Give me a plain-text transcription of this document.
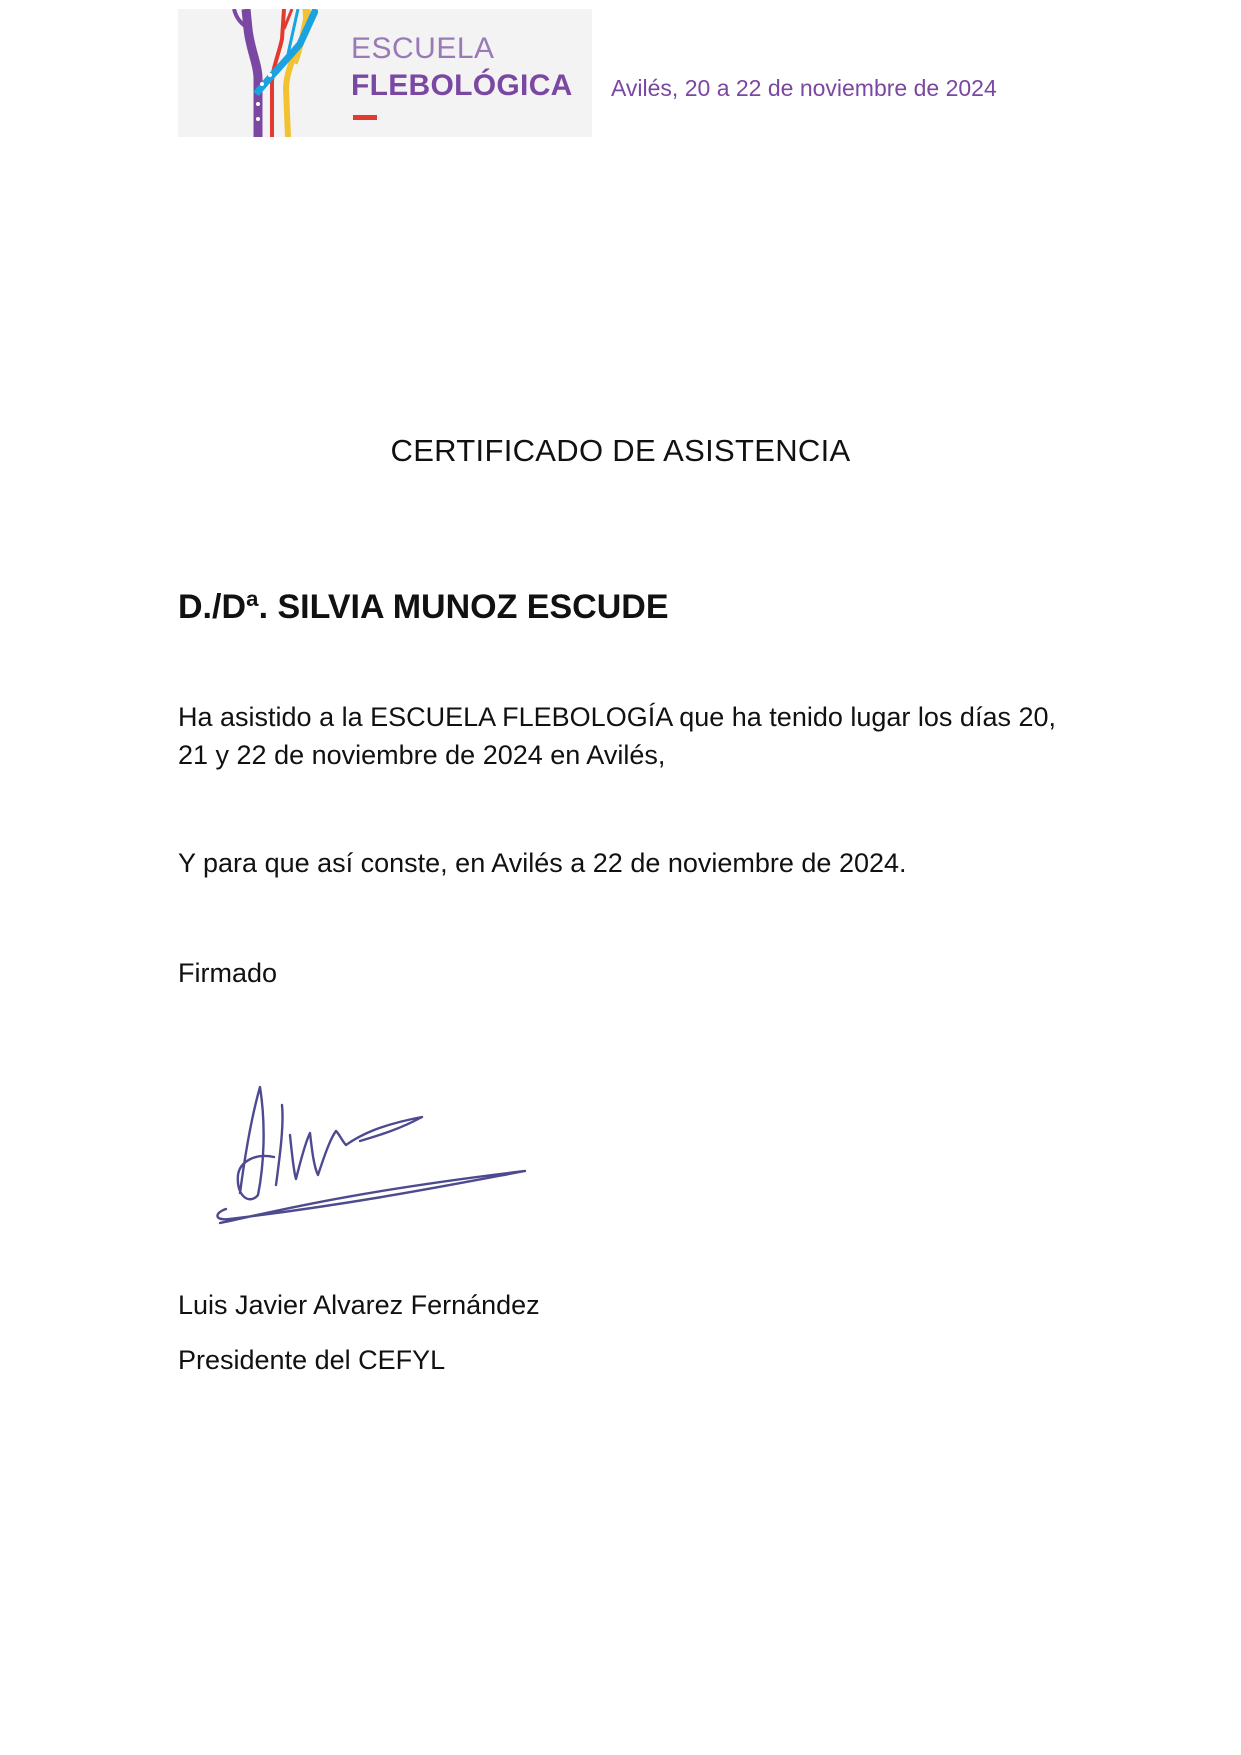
ESCUELA
FLEBOLÓGICA Avilés, 20 a 22 de noviembre de 2024
CERTIFICADO DE ASISTENCIA
D./Dª. SILVIA MUNOZ ESCUDE
Ha asistido a la ESCUELA FLEBOLOGÍA que ha tenido lugar los días 20, 21 y 22 de noviembre de 2024 en Avilés,
Y para que así conste, en Avilés a 22 de noviembre de 2024.
Firmado
Luis Javier Alvarez Fernández
Presidente del CEFYL
